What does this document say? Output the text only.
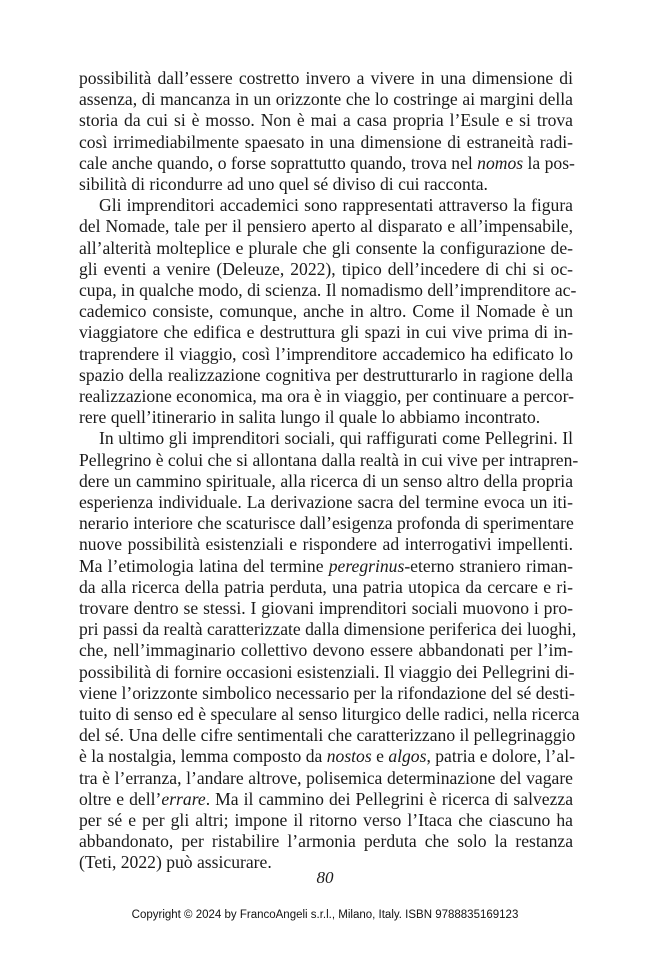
possibilità dall’essere costretto invero a vivere in una dimensione di
assenza, di mancanza in un orizzonte che lo costringe ai margini della
storia da cui si è mosso. Non è mai a casa propria l’Esule e si trova
così irrimediabilmente spaesato in una dimensione di estraneità radi-
cale anche quando, o forse soprattutto quando, trova nel nomos la pos-
sibilità di ricondurre ad uno quel sé diviso di cui racconta.
Gli imprenditori accademici sono rappresentati attraverso la figura
del Nomade, tale per il pensiero aperto al disparato e all’impensabile,
all’alterità molteplice e plurale che gli consente la configurazione de-
gli eventi a venire (Deleuze, 2022), tipico dell’incedere di chi si oc-
cupa, in qualche modo, di scienza. Il nomadismo dell’imprenditore ac-
cademico consiste, comunque, anche in altro. Come il Nomade è un
viaggiatore che edifica e destruttura gli spazi in cui vive prima di in-
traprendere il viaggio, così l’imprenditore accademico ha edificato lo
spazio della realizzazione cognitiva per destrutturarlo in ragione della
realizzazione economica, ma ora è in viaggio, per continuare a percor-
rere quell’itinerario in salita lungo il quale lo abbiamo incontrato.
In ultimo gli imprenditori sociali, qui raffigurati come Pellegrini. Il
Pellegrino è colui che si allontana dalla realtà in cui vive per intrapren-
dere un cammino spirituale, alla ricerca di un senso altro della propria
esperienza individuale. La derivazione sacra del termine evoca un iti-
nerario interiore che scaturisce dall’esigenza profonda di sperimentare
nuove possibilità esistenziali e rispondere ad interrogativi impellenti.
Ma l’etimologia latina del termine peregrinus-eterno straniero riman-
da alla ricerca della patria perduta, una patria utopica da cercare e ri-
trovare dentro se stessi. I giovani imprenditori sociali muovono i pro-
pri passi da realtà caratterizzate dalla dimensione periferica dei luoghi,
che, nell’immaginario collettivo devono essere abbandonati per l’im-
possibilità di fornire occasioni esistenziali. Il viaggio dei Pellegrini di-
viene l’orizzonte simbolico necessario per la rifondazione del sé desti-
tuito di senso ed è speculare al senso liturgico delle radici, nella ricerca
del sé. Una delle cifre sentimentali che caratterizzano il pellegrinaggio
è la nostalgia, lemma composto da nostos e algos, patria e dolore, l’al-
tra è l’erranza, l’andare altrove, polisemica determinazione del vagare
oltre e dell’errare. Ma il cammino dei Pellegrini è ricerca di salvezza
per sé e per gli altri; impone il ritorno verso l’Itaca che ciascuno ha
abbandonato, per ristabilire l’armonia perduta che solo la restanza
(Teti, 2022) può assicurare.
80
Copyright © 2024 by FrancoAngeli s.r.l., Milano, Italy. ISBN 9788835169123
